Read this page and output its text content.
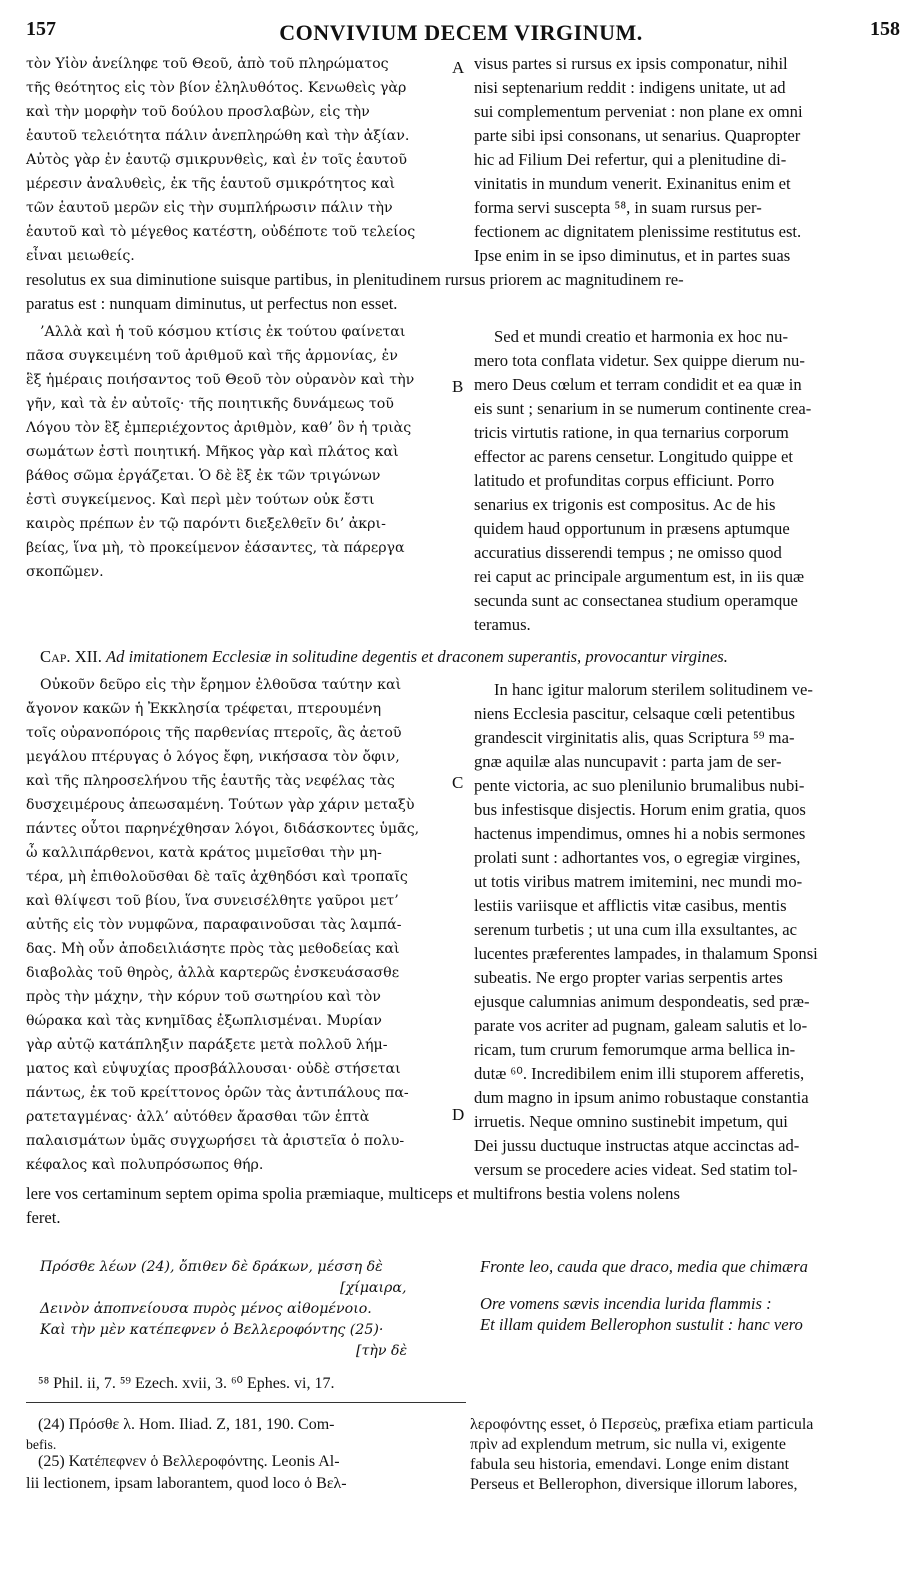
157	CONVIVIUM DECEM VIRGINUM.	158
A
B
C
D
τὸν Υἱὸν ἀνείληφε τοῦ Θεοῦ, ἀπὸ τοῦ πληρώματος
τῆς θεότητος εἰς τὸν βίον ἐληλυθότος. Κενωθεὶς γὰρ
καὶ τὴν μορφὴν τοῦ δούλου προσλαβὼν, εἰς τὴν
ἑαυτοῦ τελειότητα πάλιν ἀνεπληρώθη καὶ τὴν ἀξίαν.
Αὐτὸς γὰρ ἐν ἑαυτῷ σμικρυνθεὶς, καὶ ἐν τοῖς ἑαυτοῦ
μέρεσιν ἀναλυθεὶς, ἐκ τῆς ἑαυτοῦ σμικρότητος καὶ
τῶν ἑαυτοῦ μερῶν εἰς τὴν συμπλήρωσιν πάλιν τὴν
ἑαυτοῦ καὶ τὸ μέγεθος κατέστη, οὐδέποτε τοῦ τελείος
εἶναι μειωθείς.
visus partes si rursus ex ipsis componatur, nihil
nisi septenarium reddit : indigens unitate, ut ad
sui complementum perveniat : non plane ex omni
parte sibi ipsi consonans, ut senarius. Quapropter
hic ad Filium Dei refertur, qui a plenitudine di-
vinitatis in mundum venerit. Exinanitus enim et
forma servi suscepta ⁵⁸, in suam rursus per-
fectionem ac dignitatem plenissime restitutus est.
Ipse enim in se ipso diminutus, et in partes suas
resolutus ex sua diminutione suisque partibus, in plenitudinem rursus priorem ac magnitudinem re-
paratus est : nunquam diminutus, ut perfectus non esset.
’Αλλὰ καὶ ἡ τοῦ κόσμου κτίσις ἐκ τούτου φαίνεται
πᾶσα συγκειμένη τοῦ ἀριθμοῦ καὶ τῆς ἁρμονίας, ἐν
ἓξ ἡμέραις ποιήσαντος τοῦ Θεοῦ τὸν οὐρανὸν καὶ τὴν
γῆν, καὶ τὰ ἐν αὐτοῖς· τῆς ποιητικῆς δυνάμεως τοῦ
Λόγου τὸν ἓξ ἐμπεριέχοντος ἀριθμὸν, καθ’ ὃν ἡ τριὰς
σωμάτων ἐστὶ ποιητική. Μῆκος γὰρ καὶ πλάτος καὶ
βάθος σῶμα ἐργάζεται. Ὁ δὲ ἓξ ἐκ τῶν τριγώνων
ἐστὶ συγκείμενος. Καὶ περὶ μὲν τούτων οὐκ ἔστι
καιρὸς πρέπων ἐν τῷ παρόντι διεξελθεῖν δι’ ἀκρι-
βείας, ἵνα μὴ, τὸ προκείμενον ἐάσαντες, τὰ πάρεργα
σκοπῶμεν.
Sed et mundi creatio et harmonia ex hoc nu-
mero tota conflata videtur. Sex quippe dierum nu-
mero Deus cœlum et terram condidit et ea quæ in
eis sunt ; senarium in se numerum continente crea-
tricis virtutis ratione, in qua ternarius corporum
effector ac parens censetur. Longitudo quippe et
latitudo et profunditas corpus efficiunt. Porro
senarius ex trigonis est compositus. Ac de his
quidem haud opportunum in præsens aptumque
accuratius disserendi tempus ; ne omisso quod
rei caput ac principale argumentum est, in iis quæ
secunda sunt ac consectanea studium operamque
teramus.
Cap. XII. Ad imitationem Ecclesiæ in solitudine degentis et draconem superantis, provocantur virgines.
Οὐκοῦν δεῦρο εἰς τὴν ἔρημον ἐλθοῦσα ταύτην καὶ
ἄγονον κακῶν ἡ Ἐκκλησία τρέφεται, πτερουμένη
τοῖς οὐρανοπόροις τῆς παρθενίας πτεροῖς, ἃς ἀετοῦ
μεγάλου πτέρυγας ὁ λόγος ἔφη, νικήσασα τὸν ὄφιν,
καὶ τῆς πληροσελήνου τῆς ἑαυτῆς τὰς νεφέλας τὰς
δυσχειμέρους ἀπεωσαμένη. Τούτων γὰρ χάριν μεταξὺ
πάντες οὗτοι παρηνέχθησαν λόγοι, διδάσκοντες ὑμᾶς,
ὦ καλλιπάρθενοι, κατὰ κράτος μιμεῖσθαι τὴν μη-
τέρα, μὴ ἐπιθολοῦσθαι δὲ ταῖς ἀχθηδόσι καὶ τροπαῖς
καὶ θλίψεσι τοῦ βίου, ἵνα συνεισέλθητε γαῦροι μετ’
αὐτῆς εἰς τὸν νυμφῶνα, παραφαινοῦσαι τὰς λαμπά-
δας. Μὴ οὖν ἀποδειλιάσητε πρὸς τὰς μεθοδείας καὶ
διαβολὰς τοῦ θηρὸς, ἀλλὰ καρτερῶς ἐνσκευάσασθε
πρὸς τὴν μάχην, τὴν κόρυν τοῦ σωτηρίου καὶ τὸν
θώρακα καὶ τὰς κνημῖδας ἐξωπλισμέναι. Μυρίαν
γὰρ αὐτῷ κατάπληξιν παράξετε μετὰ πολλοῦ λήμ-
ματος καὶ εὐψυχίας προσβάλλουσαι· οὐδὲ στήσεται
πάντως, ἐκ τοῦ κρείττονος ὁρῶν τὰς ἀντιπάλους πα-
ρατεταγμένας· ἀλλ’ αὐτόθεν ἄρασθαι τῶν ἑπτὰ
παλαισμάτων ὑμᾶς συγχωρήσει τὰ ἀριστεῖα ὁ πολυ-
κέφαλος καὶ πολυπρόσωπος θήρ.
In hanc igitur malorum sterilem solitudinem ve-
niens Ecclesia pascitur, celsaque cœli petentibus
grandescit virginitatis alis, quas Scriptura ⁵⁹ ma-
gnæ aquilæ alas nuncupavit : parta jam de ser-
pente victoria, ac suo plenilunio brumalibus nubi-
bus infestisque disjectis. Horum enim gratia, quos
hactenus impendimus, omnes hi a nobis sermones
prolati sunt : adhortantes vos, o egregiæ virgines,
ut totis viribus matrem imitemini, nec mundi mo-
lestiis variisque et afflictis vitæ casibus, mentis
serenum turbetis ; ut una cum illa exsultantes, ac
lucentes præferentes lampades, in thalamum Sponsi
subeatis. Ne ergo propter varias serpentis artes
ejusque calumnias animum despondeatis, sed præ-
parate vos acriter ad pugnam, galeam salutis et lo-
ricam, tum crurum femorumque arma bellica in-
dutæ ⁶⁰. Incredibilem enim illi stuporem afferetis,
dum magno in ipsum animo robustaque constantia
irruetis. Neque omnino sustinebit impetum, qui
Dei jussu ductuque instructas atque accinctas ad-
versum se procedere acies videat. Sed statim tol-
lere vos certaminum septem opima spolia præmiaque, multiceps et multifrons bestia volens nolens
feret.
Πρόσθε λέων (24), ὄπιθεν δὲ δράκων, μέσση δὲ
[χίμαιρα,
Δεινὸν ἀποπνείουσα πυρὸς μένος αἰθομένοιο.
Καὶ τὴν μὲν κατέπεφνεν ὁ Βελλεροφόντης (25)·
[τὴν δὲ
Fronte leo, cauda que draco, media que chimæra
Ore vomens sævis incendia lurida flammis :
Et illam quidem Bellerophon sustulit : hanc vero
⁵⁸ Phil. ii, 7. ⁵⁹ Ezech. xvii, 3. ⁶⁰ Ephes. vi, 17.
(24) Πρόσθε λ. Hom. Iliad. Z, 181, 190. Com-
befis.
(25) Κατέπεφνεν ὁ Βελλεροφόντης. Leonis Al-
lii lectionem, ipsam laborantem, quod loco ὁ Βελ-
λεροφόντης esset, ὁ Περσεὺς, præfixa etiam particula
πρὶν ad explendum metrum, sic nulla vi, exigente
fabula seu historia, emendavi. Longe enim distant
Perseus et Bellerophon, diversique illorum labores,
